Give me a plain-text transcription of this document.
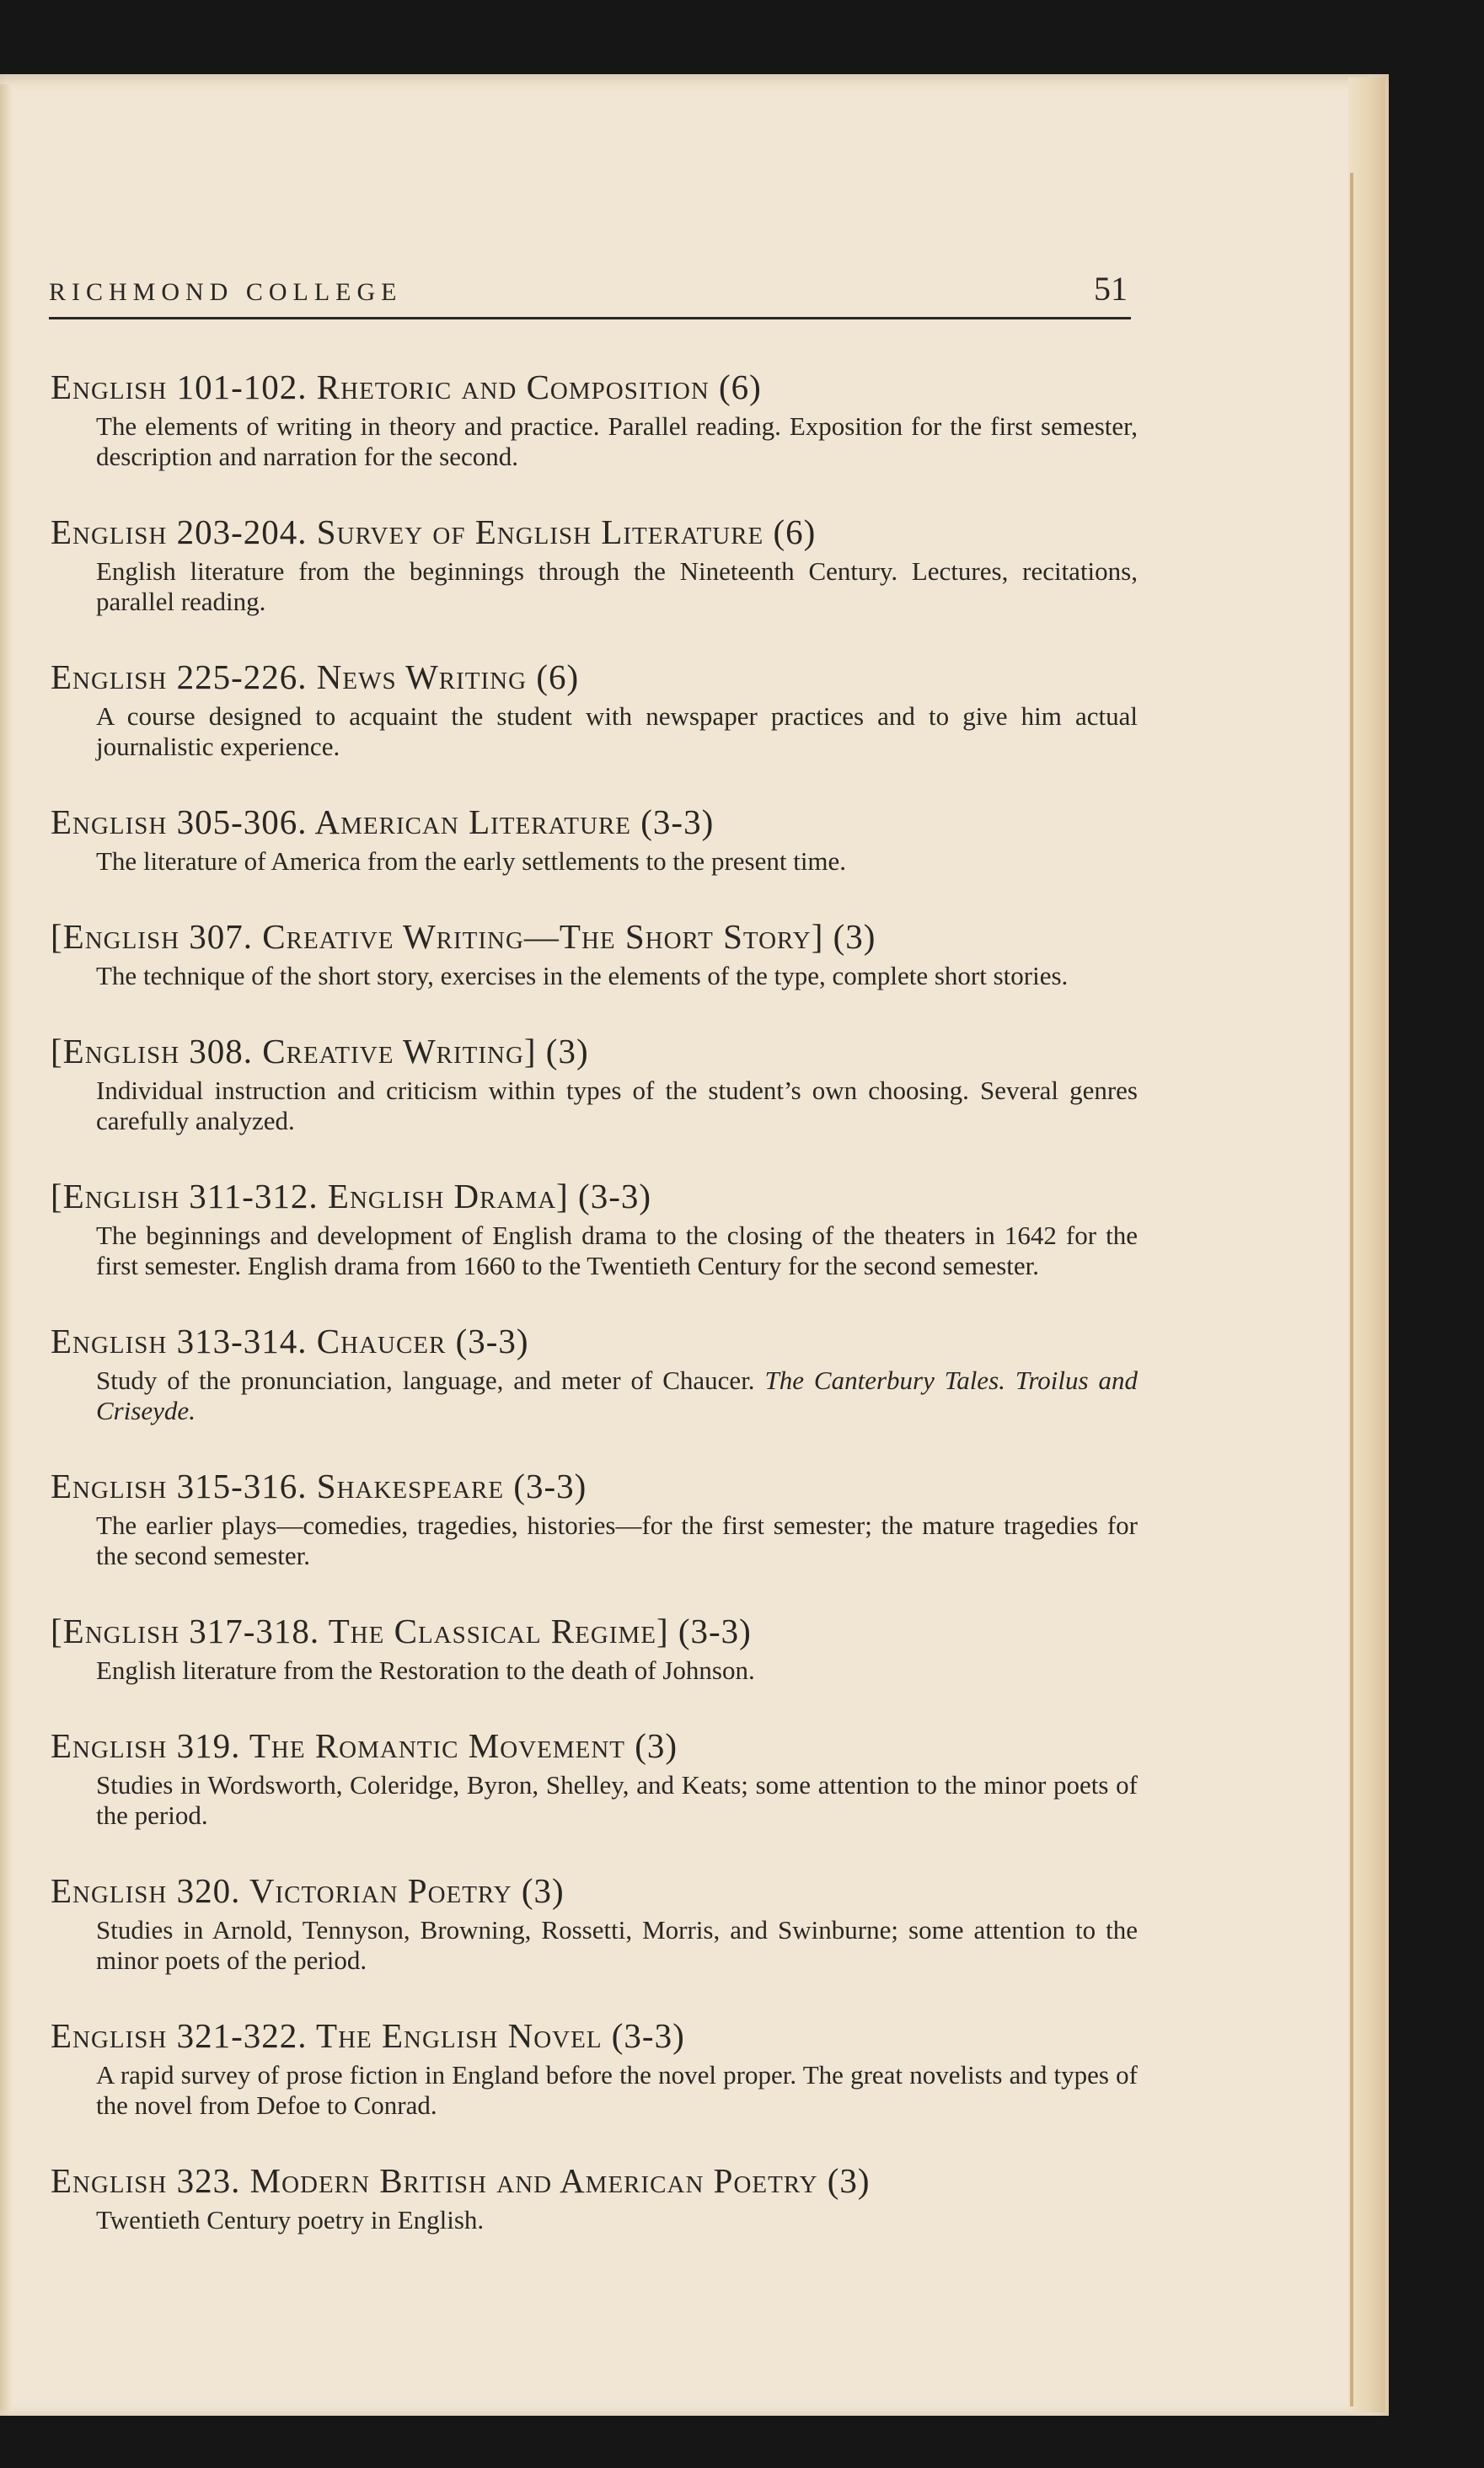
RICHMOND COLLEGE	51
English 101-102. Rhetoric and Composition (6)
The elements of writing in theory and practice. Parallel reading. Exposition for the first semester, description and narration for the second.
English 203-204. Survey of English Literature (6)
English literature from the beginnings through the Nineteenth Century. Lectures, recitations, parallel reading.
English 225-226. News Writing (6)
A course designed to acquaint the student with newspaper practices and to give him actual journalistic experience.
English 305-306. American Literature (3-3)
The literature of America from the early settlements to the present time.
[English 307. Creative Writing—The Short Story] (3)
The technique of the short story, exercises in the elements of the type, complete short stories.
[English 308. Creative Writing] (3)
Individual instruction and criticism within types of the student’s own choosing. Several genres carefully analyzed.
[English 311-312. English Drama] (3-3)
The beginnings and development of English drama to the closing of the theaters in 1642 for the first semester. English drama from 1660 to the Twentieth Century for the second semester.
English 313-314. Chaucer (3-3)
Study of the pronunciation, language, and meter of Chaucer. The Canterbury Tales. Troilus and Criseyde.
English 315-316. Shakespeare (3-3)
The earlier plays—comedies, tragedies, histories—for the first semester; the mature tragedies for the second semester.
[English 317-318. The Classical Regime] (3-3)
English literature from the Restoration to the death of Johnson.
English 319. The Romantic Movement (3)
Studies in Wordsworth, Coleridge, Byron, Shelley, and Keats; some attention to the minor poets of the period.
English 320. Victorian Poetry (3)
Studies in Arnold, Tennyson, Browning, Rossetti, Morris, and Swinburne; some attention to the minor poets of the period.
English 321-322. The English Novel (3-3)
A rapid survey of prose fiction in England before the novel proper. The great novelists and types of the novel from Defoe to Conrad.
English 323. Modern British and American Poetry (3)
Twentieth Century poetry in English.
